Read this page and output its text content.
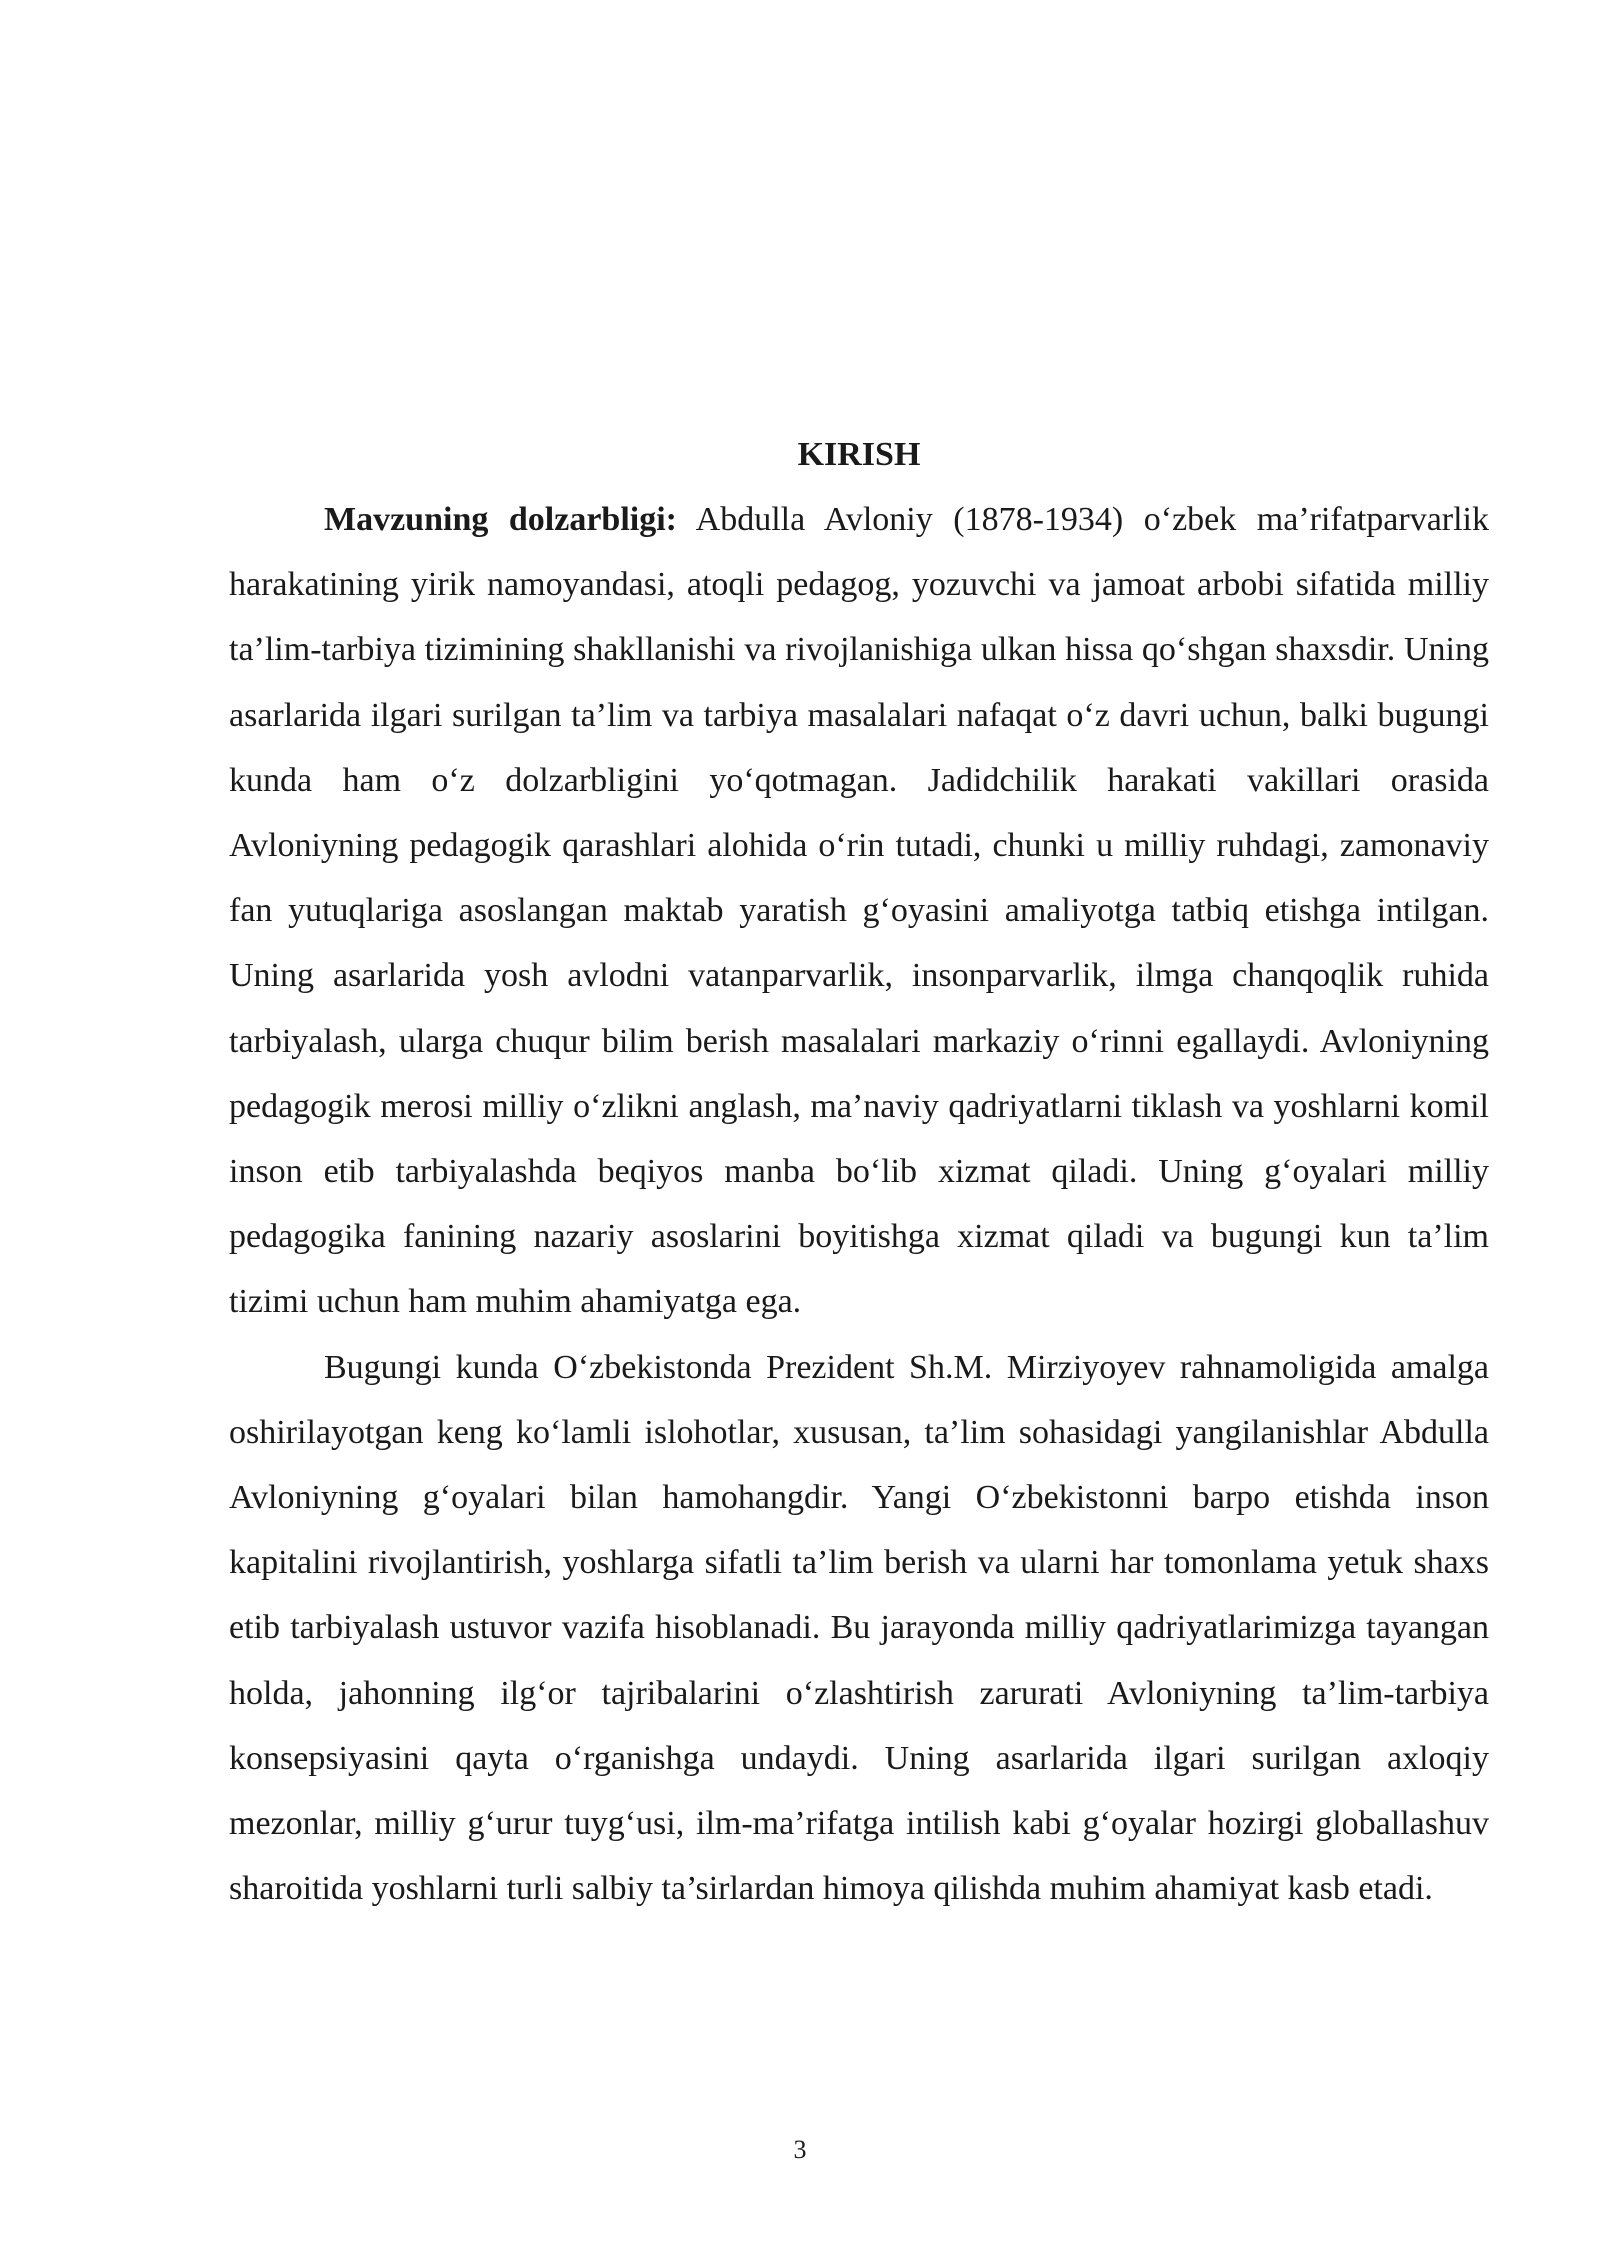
KIRISH

Mavzuning dolzarbligi: Abdulla Avloniy (1878-1934) o‘zbek ma’rifatparvarlik harakatining yirik namoyandasi, atoqli pedagog, yozuvchi va jamoat arbobi sifatida milliy ta’lim-tarbiya tizimining shakllanishi va rivojlanishiga ulkan hissa qo‘shgan shaxsdir. Uning asarlarida ilgari surilgan ta’lim va tarbiya masalalari nafaqat o‘z davri uchun, balki bugungi kunda ham o‘z dolzarbligini yo‘qotmagan. Jadidchilik harakati vakillari orasida Avloniyning pedagogik qarashlari alohida o‘rin tutadi, chunki u milliy ruhdagi, zamonaviy fan yutuqlariga asoslangan maktab yaratish g‘oyasini amaliyotga tatbiq etishga intilgan. Uning asarlarida yosh avlodni vatanparvarlik, insonparvarlik, ilmga chanqoqlik ruhida tarbiyalash, ularga chuqur bilim berish masalalari markaziy o‘rinni egallaydi. Avloniyning pedagogik merosi milliy o‘zlikni anglash, ma’naviy qadriyatlarni tiklash va yoshlarni komil inson etib tarbiyalashda beqiyos manba bo‘lib xizmat qiladi. Uning g‘oyalari milliy pedagogika fanining nazariy asoslarini boyitishga xizmat qiladi va bugungi kun ta’lim tizimi uchun ham muhim ahamiyatga ega.

Bugungi kunda O‘zbekistonda Prezident Sh.M. Mirziyoyev rahnamoligida amalga oshirilayotgan keng ko‘lamli islohotlar, xususan, ta’lim sohasidagi yangilanishlar Abdulla Avloniyning g‘oyalari bilan hamohangdir. Yangi O‘zbekistonni barpo etishda inson kapitalini rivojlantirish, yoshlarga sifatli ta’lim berish va ularni har tomonlama yetuk shaxs etib tarbiyalash ustuvor vazifa hisoblanadi. Bu jarayonda milliy qadriyatlarimizga tayangan holda, jahonning ilg‘or tajribalarini o‘zlashtirish zarurati Avloniyning ta’lim-tarbiya konsepsiyasini qayta o‘rganishga undaydi. Uning asarlarida ilgari surilgan axloqiy mezonlar, milliy g‘urur tuyg‘usi, ilm-ma’rifatga intilish kabi g‘oyalar hozirgi globallashuv sharoitida yoshlarni turli salbiy ta’sirlardan himoya qilishda muhim ahamiyat kasb etadi.

3
